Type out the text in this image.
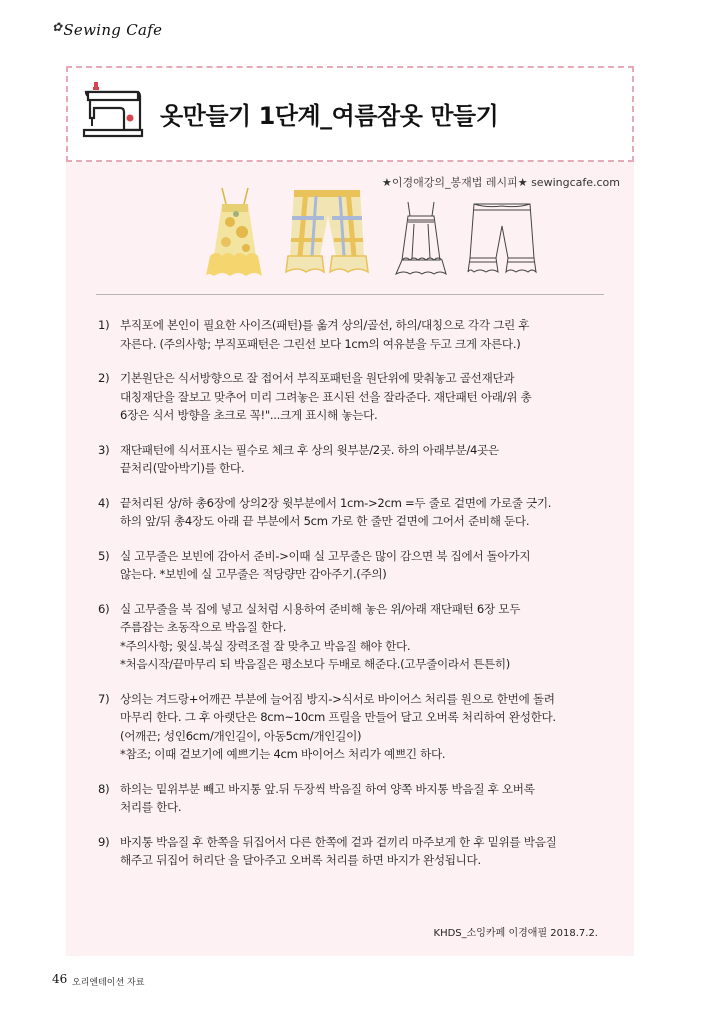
✿Sewing Cafe
옷만들기 1단계_여름잠옷 만들기
★이경애강의_봉재법 레시피★ sewingcafe.com
1) 부직포에 본인이 필요한 사이즈(패턴)를 옮겨 상의/골선, 하의/대칭으로 각각 그린 후
자른다. (주의사항; 부직포패턴은 그린선 보다 1cm의 여유분을 두고 크게 자른다.)
2) 기본원단은 식서방향으로 잘 접어서 부직포패턴을 원단위에 맞춰놓고 골선재단과
대칭재단을 잘보고 맞추어 미리 그려놓은 표시된 선을 잘라준다. 재단패턴 아래/위 총
6장은 식서 방향을 초크로 꼭!"...크게 표시해 놓는다.
3) 재단패턴에 식서표시는 필수로 체크 후 상의 윗부분/2곳. 하의 아래부분/4곳은
끝처리(말아박기)를 한다.
4) 끝처리된 상/하 총6장에 상의2장 윗부분에서 1cm->2cm =두 줄로 겉면에 가로줄 긋기.
하의 앞/뒤 총4장도 아래 끝 부분에서 5cm 가로 한 줄만 겉면에 그어서 준비해 둔다.
5) 실 고무줄은 보빈에 감아서 준비->이때 실 고무줄은 많이 감으면 북 집에서 돌아가지
않는다. *보빈에 실 고무줄은 적당량만 감아주기.(주의)
6) 실 고무줄을 북 집에 넣고 실처럼 시용하여 준비해 놓은 위/아래 재단패턴 6장 모두
주름잡는 초동작으로 박음질 한다.
*주의사항; 윗실.북실 장력조절 잘 맞추고 박음질 해야 한다.
*처음시작/끝마무리 되 박음질은 평소보다 두배로 해준다.(고무줄이라서 튼튼히)
7) 상의는 겨드랑+어깨끈 부분에 늘어짐 방지->식서로 바이어스 처리를 원으로 한번에 돌려
마무리 한다. 그 후 아랫단은 8cm~10cm 프릴을 만들어 달고 오버록 처리하여 완성한다.
(어깨끈; 성인6cm/개인길이, 아동5cm/개인길이)
*참조; 이때 겉보기에 예쁘기는 4cm 바이어스 처리가 예쁘긴 하다.
8) 하의는 밑위부분 빼고 바지통 앞.뒤 두장씩 박음질 하여 양쪽 바지통 박음질 후 오버록
처리를 한다.
9) 바지통 박음질 후 한쪽을 뒤집어서 다른 한쪽에 겉과 겉끼리 마주보게 한 후 밑위를 박음질
해주고 뒤집어 허리단 을 달아주고 오버록 처리를 하면 바지가 완성됩니다.
KHDS_소잉카페 이경애필 2018.7.2.
46 오리엔테이션 자료
